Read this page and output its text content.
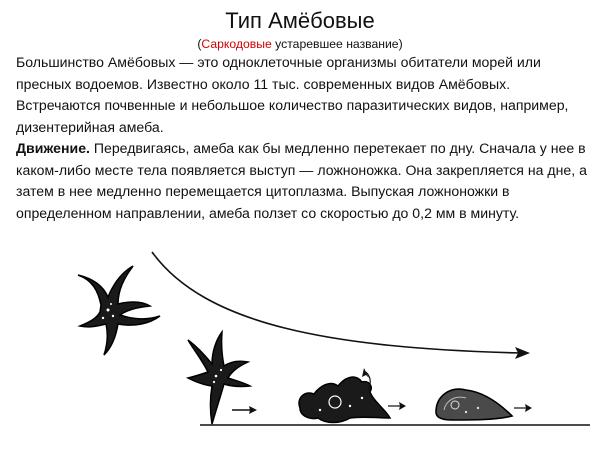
Тип Амёбовые
(Саркодовые устаревшее название)

Большинство Амёбовых — это одноклеточные организмы обитатели морей или пресных водоемов. Известно около 11 тыс. современных видов Амёбовых. Встречаются почвенные и небольшое количество паразитических видов, например, дизентерийная амеба.

Движение. Передвигаясь, амеба как бы медленно перетекает по дну. Сначала у нее в каком-либо месте тела появляется выступ — ложноножка. Она закрепляется на дне, а затем в нее медленно перемещается цитоплазма. Выпуская ложноножки в определенном направлении, амеба ползет со скоростью до 0,2 мм в минуту.
